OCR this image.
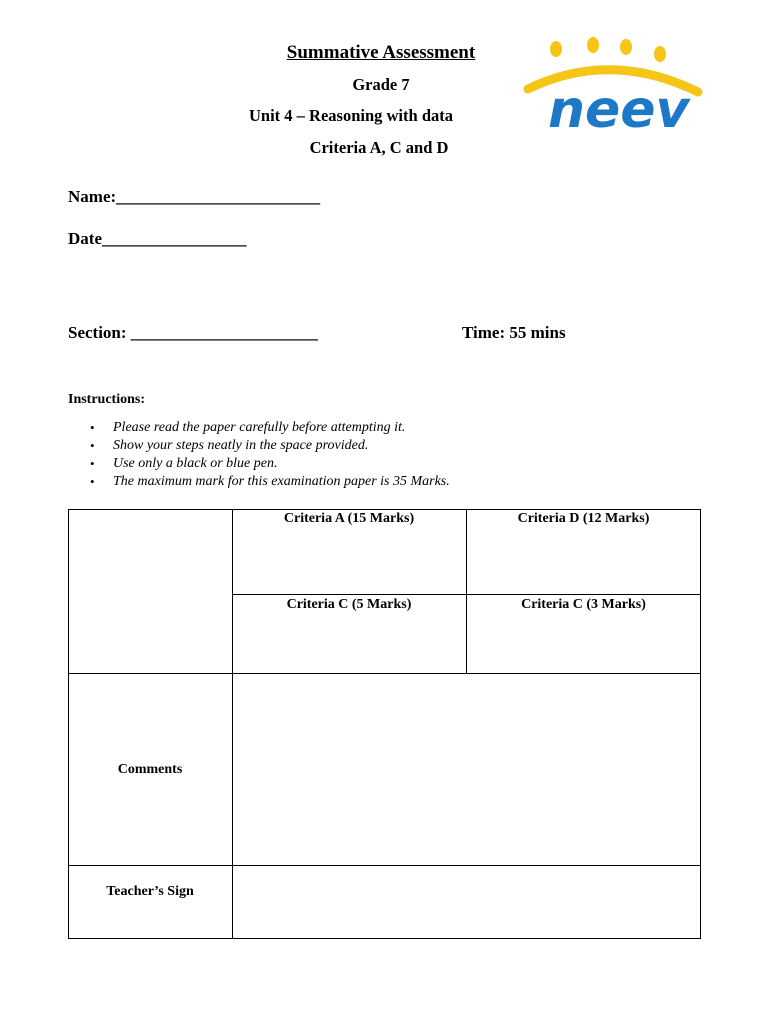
Summative Assessment
Grade 7
Unit 4 – Reasoning with data
Criteria A, C and D
neev
Name:________________________
Date_________________
Section: ______________________	Time: 55 mins
Instructions:
• Please read the paper carefully before attempting it.
• Show your steps neatly in the space provided.
• Use only a black or blue pen.
• The maximum mark for this examination paper is 35 Marks.
Criteria A (15 Marks)	Criteria D (12 Marks)
Criteria C (5 Marks)	Criteria C (3 Marks)
Comments
Teacher’s Sign
